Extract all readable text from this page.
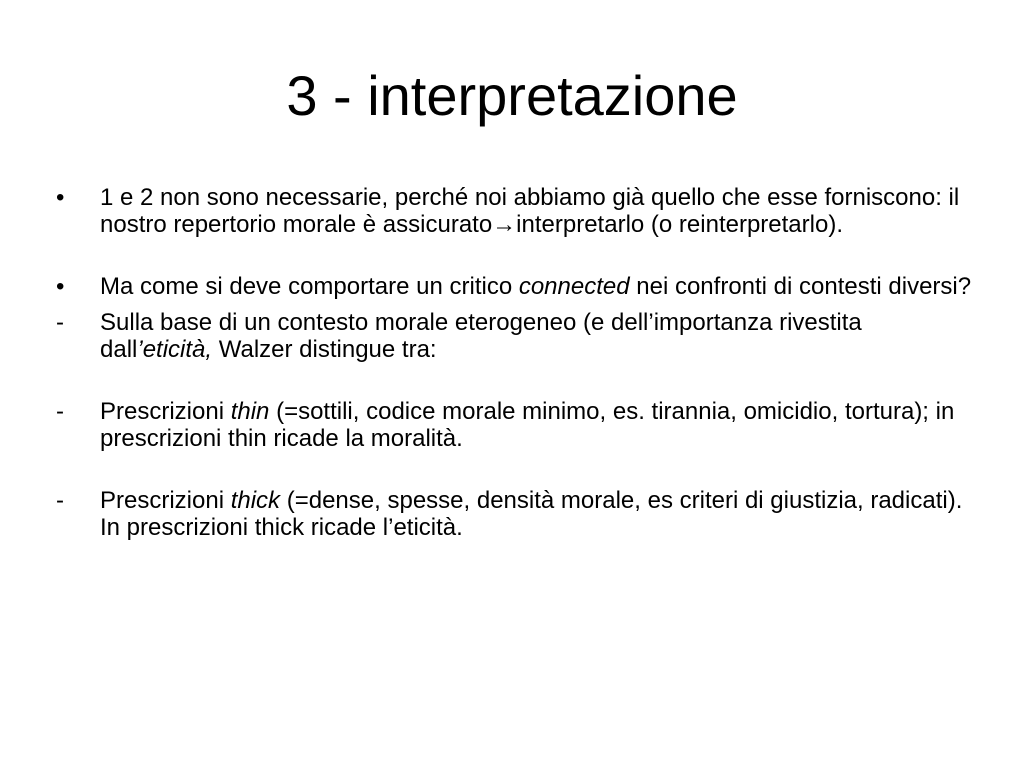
3 - interpretazione
•	1 e 2 non sono necessarie, perché noi abbiamo già quello che esse forniscono: il nostro repertorio morale è assicurato→interpretarlo (o reinterpretarlo).
•	Ma come si deve comportare un critico connected nei confronti di contesti diversi?
-	Sulla base di un contesto morale eterogeneo (e dell’importanza rivestita dall’eticità, Walzer distingue tra:
-	Prescrizioni thin (=sottili, codice morale minimo, es. tirannia, omicidio, tortura); in prescrizioni thin ricade la moralità.
-	Prescrizioni thick (=dense, spesse, densità morale, es criteri di giustizia, radicati). In prescrizioni thick ricade l’eticità.
